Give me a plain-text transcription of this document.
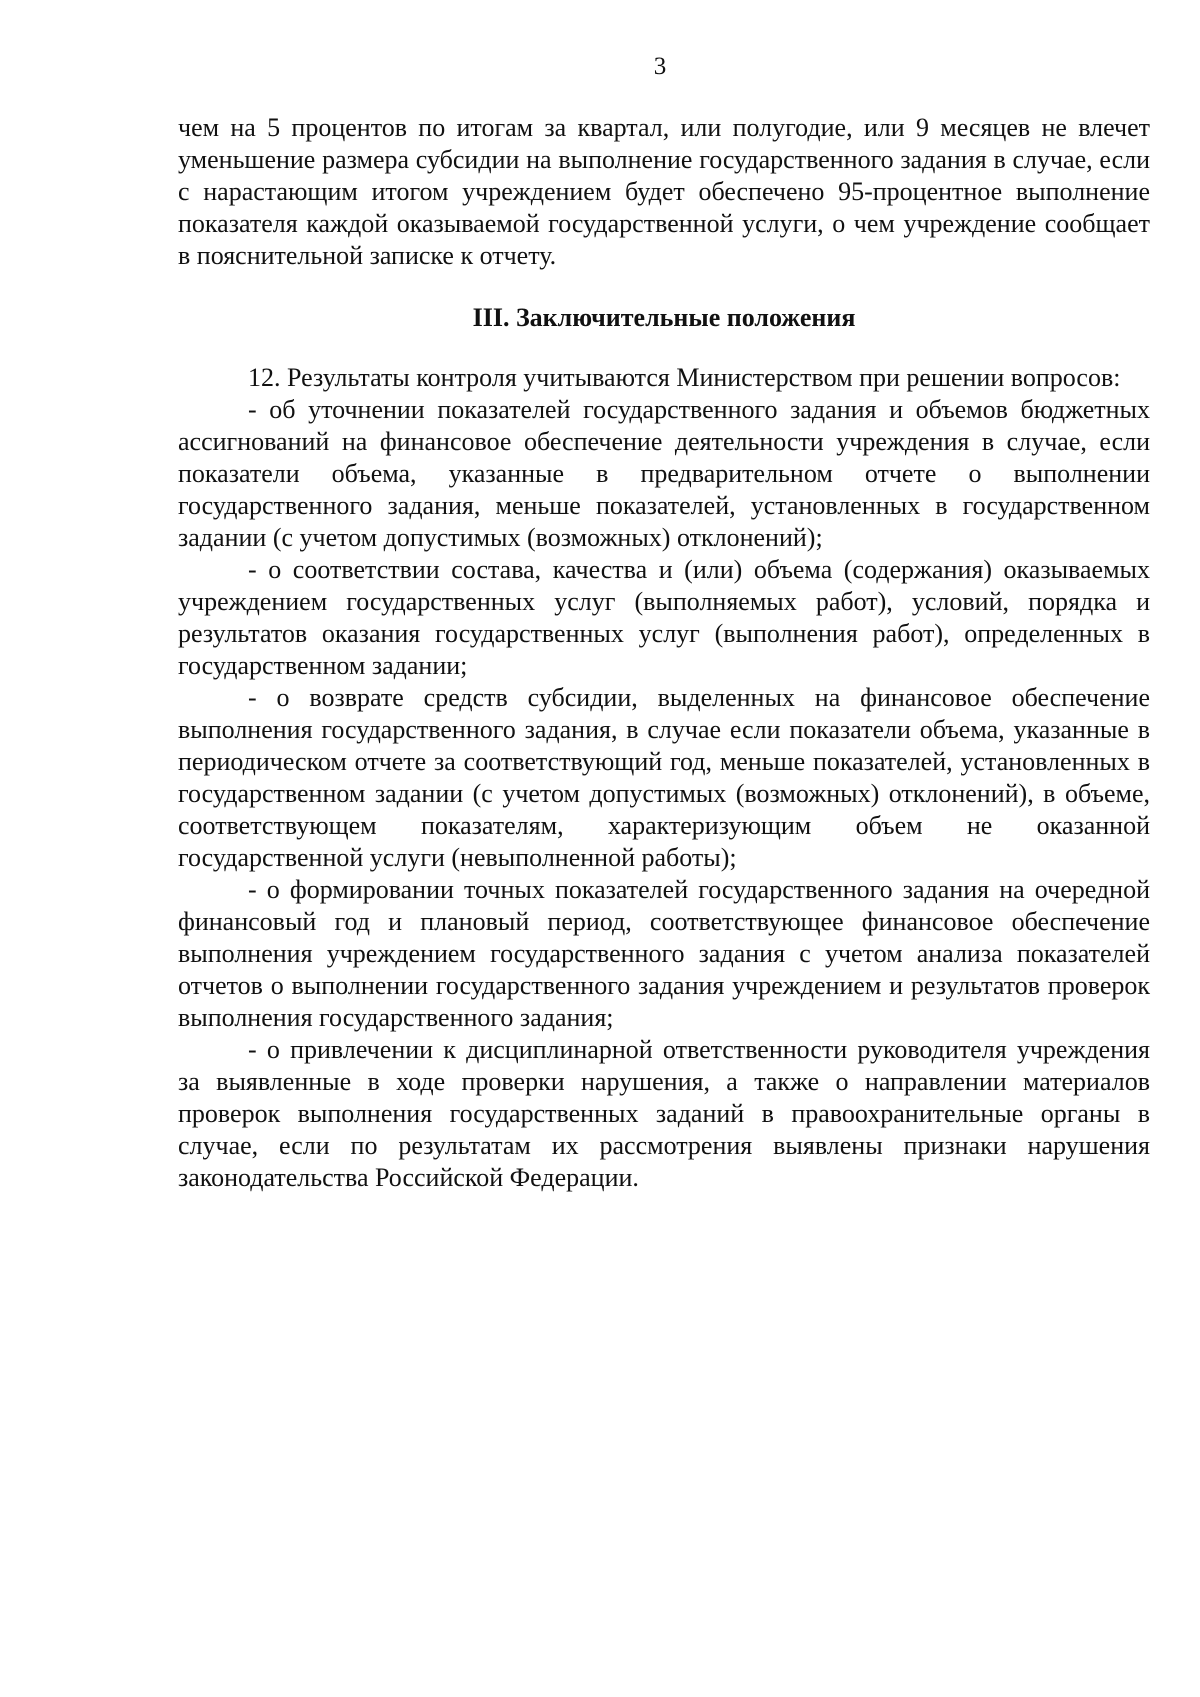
3

чем на 5 процентов по итогам за квартал, или полугодие, или 9 месяцев не влечет уменьшение размера субсидии на выполнение государственного задания в случае, если с нарастающим итогом учреждением будет обеспечено 95-процентное выполнение показателя каждой оказываемой государственной услуги, о чем учреждение сообщает в пояснительной записке к отчету.

III. Заключительные положения

12. Результаты контроля учитываются Министерством при решении вопросов:

- об уточнении показателей государственного задания и объемов бюджетных ассигнований на финансовое обеспечение деятельности учреждения в случае, если показатели объема, указанные в предварительном отчете о выполнении государственного задания, меньше показателей, установленных в государственном задании (с учетом допустимых (возможных) отклонений);

- о соответствии состава, качества и (или) объема (содержания) оказываемых учреждением государственных услуг (выполняемых работ), условий, порядка и результатов оказания государственных услуг (выполнения работ), определенных в государственном задании;

- о возврате средств субсидии, выделенных на финансовое обеспечение выполнения государственного задания, в случае если показатели объема, указанные в периодическом отчете за соответствующий год, меньше показателей, установленных в государственном задании (с учетом допустимых (возможных) отклонений), в объеме, соответствующем показателям, характеризующим объем не оказанной государственной услуги (невыполненной работы);

- о формировании точных показателей государственного задания на очередной финансовый год и плановый период, соответствующее финансовое обеспечение выполнения учреждением государственного задания с учетом анализа показателей отчетов о выполнении государственного задания учреждением и результатов проверок выполнения государственного задания;

- о привлечении к дисциплинарной ответственности руководителя учреждения за выявленные в ходе проверки нарушения, а также о направлении материалов проверок выполнения государственных заданий в правоохранительные органы в случае, если по результатам их рассмотрения выявлены признаки нарушения законодательства Российской Федерации.
